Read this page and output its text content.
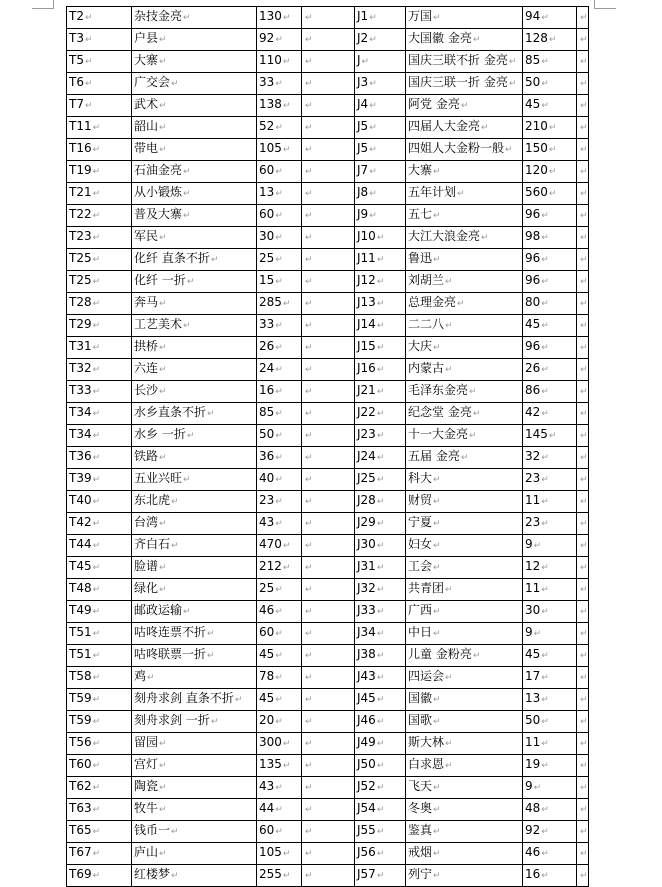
T2↵	杂技金亮↵	130↵	↵	J1↵	万国↵	94↵	↵
T3↵	户县↵	92↵	↵	J2↵	大国徽 金亮↵	128↵	↵
T5↵	大寨↵	110↵	↵	J↵	国庆三联不折 金亮↵	85↵	↵
T6↵	广交会↵	33↵	↵	J3↵	国庆三联一折 金亮↵	50↵	↵
T7↵	武术↵	138↵	↵	J4↵	阿党 金亮↵	45↵	↵
T11↵	韶山↵	52↵	↵	J5↵	四届人大金亮↵	210↵	↵
T16↵	带电↵	105↵	↵	J5↵	四姐人大金粉一般↵	150↵	↵
T19↵	石油金亮↵	60↵	↵	J7↵	大寨↵	120↵	↵
T21↵	从小锻炼↵	13↵	↵	J8↵	五年计划↵	560↵	↵
T22↵	普及大寨↵	60↵	↵	J9↵	五七↵	96↵	↵
T23↵	军民↵	30↵	↵	J10↵	大江大浪金亮↵	98↵	↵
T25↵	化纤 直条不折↵	25↵	↵	J11↵	鲁迅↵	96↵	↵
T25↵	化纤 一折↵	15↵	↵	J12↵	刘胡兰↵	96↵	↵
T28↵	奔马↵	285↵	↵	J13↵	总理金亮↵	80↵	↵
T29↵	工艺美术↵	33↵	↵	J14↵	二二八↵	45↵	↵
T31↵	拱桥↵	26↵	↵	J15↵	大庆↵	96↵	↵
T32↵	六连↵	24↵	↵	J16↵	内蒙古↵	26↵	↵
T33↵	长沙↵	16↵	↵	J21↵	毛泽东金亮↵	86↵	↵
T34↵	水乡直条不折↵	85↵	↵	J22↵	纪念堂 金亮↵	42↵	↵
T34↵	水乡 一折↵	50↵	↵	J23↵	十一大金亮↵	145↵	↵
T36↵	铁路↵	36↵	↵	J24↵	五届 金亮↵	32↵	↵
T39↵	五业兴旺↵	40↵	↵	J25↵	科大↵	23↵	↵
T40↵	东北虎↵	23↵	↵	J28↵	财贸↵	11↵	↵
T42↵	台湾↵	43↵	↵	J29↵	宁夏↵	23↵	↵
T44↵	齐白石↵	470↵	↵	J30↵	妇女↵	9↵	↵
T45↵	脸谱↵	212↵	↵	J31↵	工会↵	12↵	↵
T48↵	绿化↵	25↵	↵	J32↵	共青团↵	11↵	↵
T49↵	邮政运输↵	46↵	↵	J33↵	广西↵	30↵	↵
T51↵	咕咚连票不折↵	60↵	↵	J34↵	中日↵	9↵	↵
T51↵	咕咚联票一折↵	45↵	↵	J38↵	儿童 金粉亮↵	45↵	↵
T58↵	鸡↵	78↵	↵	J43↵	四运会↵	17↵	↵
T59↵	刻舟求剑 直条不折↵	45↵	↵	J45↵	国徽↵	13↵	↵
T59↵	刻舟求剑 一折↵	20↵	↵	J46↵	国歌↵	50↵	↵
T56↵	留园↵	300↵	↵	J49↵	斯大林↵	11↵	↵
T60↵	宫灯↵	135↵	↵	J50↵	白求恩↵	19↵	↵
T62↵	陶瓷↵	43↵	↵	J52↵	飞天↵	9↵	↵
T63↵	牧牛↵	44↵	↵	J54↵	冬奥↵	48↵	↵
T65↵	钱币一↵	60↵	↵	J55↵	鉴真↵	92↵	↵
T67↵	庐山↵	105↵	↵	J56↵	戒烟↵	46↵	↵
T69↵	红楼梦↵	255↵	↵	J57↵	列宁↵	16↵	↵
